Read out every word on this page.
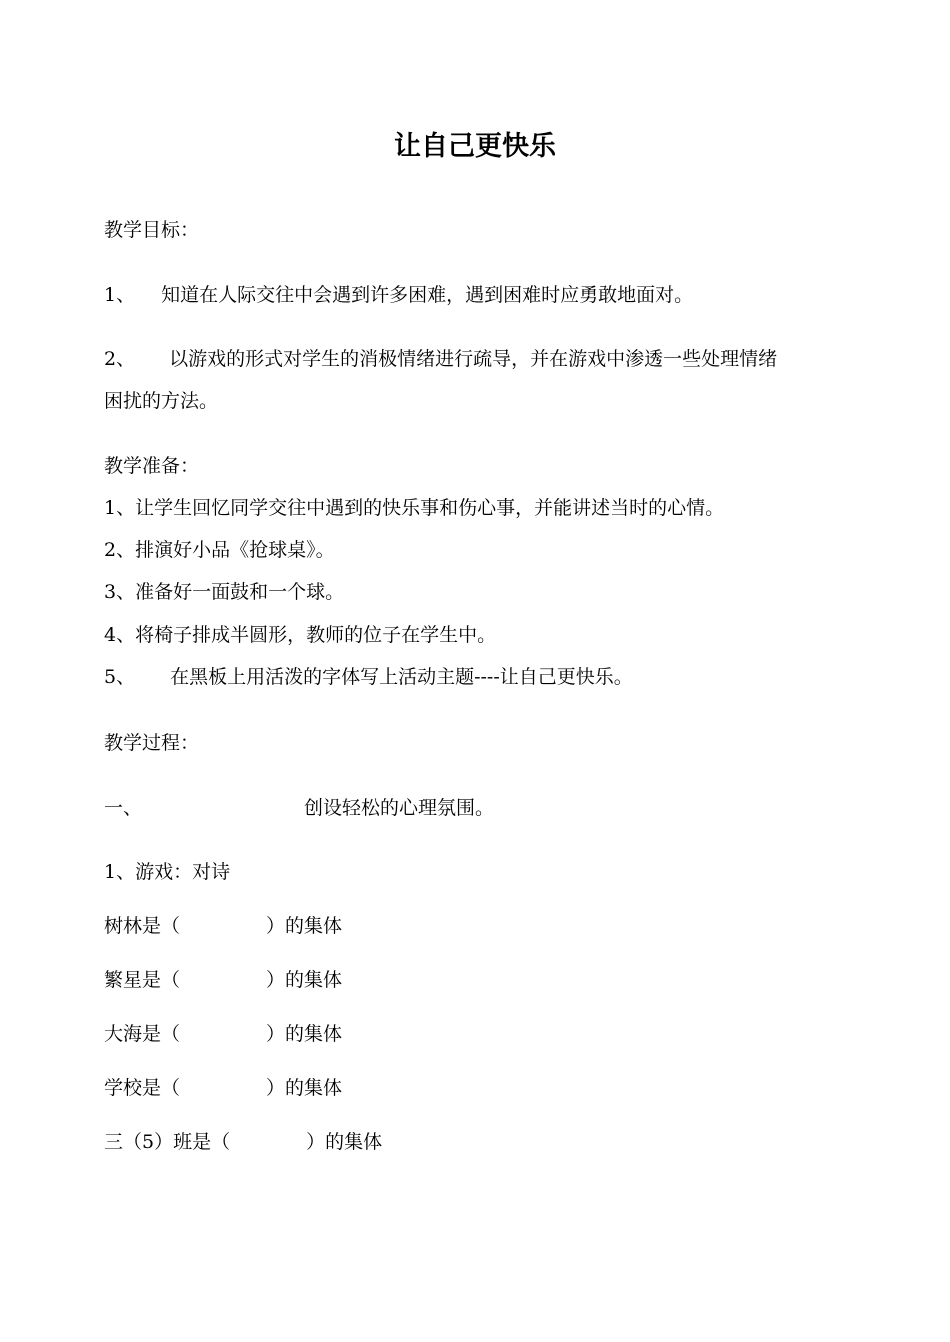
让自己更快乐
教学目标：
1、 知道在人际交往中会遇到许多困难，遇到困难时应勇敢地面对。
2、 以游戏的形式对学生的消极情绪进行疏导，并在游戏中渗透一些处理情绪
困扰的方法。
教学准备：
1、让学生回忆同学交往中遇到的快乐事和伤心事，并能讲述当时的心情。
2、排演好小品《抢球桌》。
3、准备好一面鼓和一个球。
4、将椅子排成半圆形，教师的位子在学生中。
5、 在黑板上用活泼的字体写上活动主题----让自己更快乐。
教学过程：
一、	创设轻松的心理氛围。
1、游戏：对诗
树林是（	）的集体
繁星是（	）的集体
大海是（	）的集体
学校是（	）的集体
三（5）班是（	）的集体
